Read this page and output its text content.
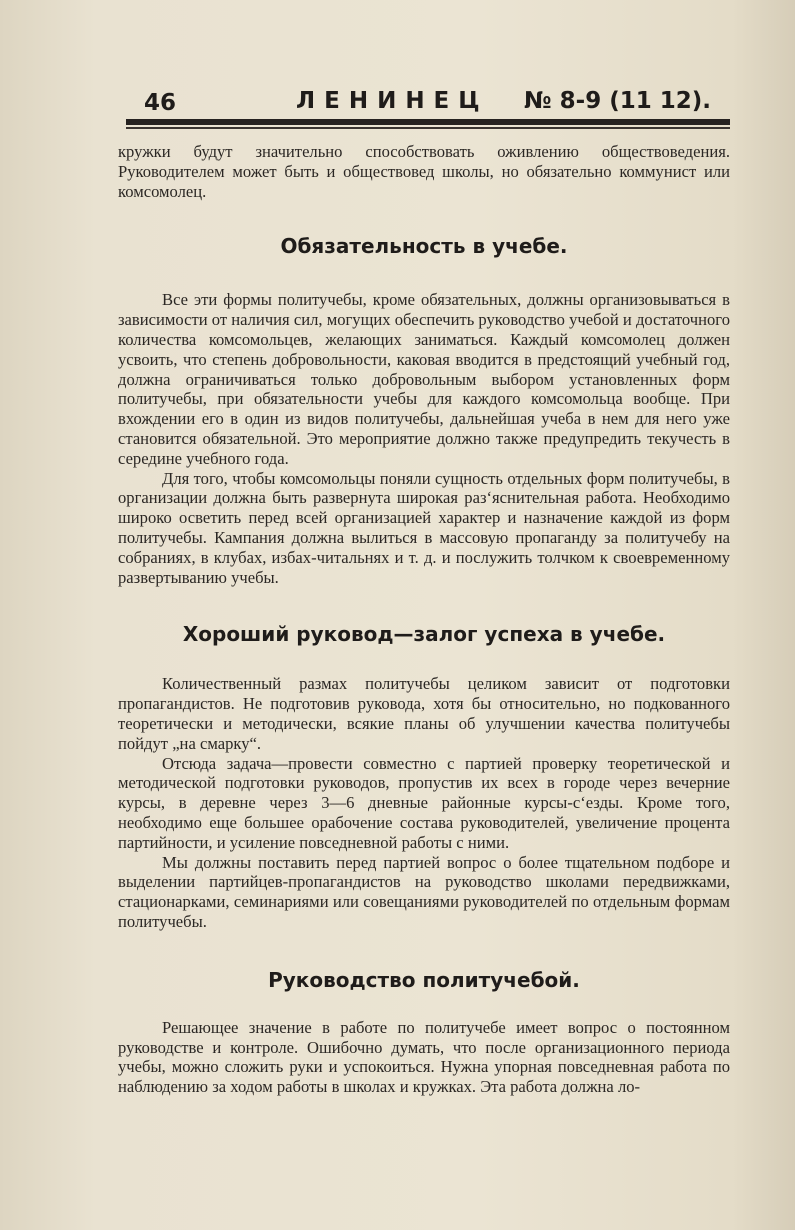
46	ЛЕНИНЕЦ № 8-9 (11 12).

кружки будут значительно способствовать оживлению обществоведения. Руководителем может быть и обществовед школы, но обязательно коммунист или комсомолец.

Обязательность в учебе.

Все эти формы политучебы, кроме обязательных, должны организовываться в зависимости от наличия сил, могущих обеспечить руководство учебой и достаточного количества комсомольцев, желающих заниматься. Каждый комсомолец должен усвоить, что степень добровольности, каковая вводится в предстоящий учебный год, должна ограничиваться только добровольным выбором установленных форм политучебы, при обязательности учебы для каждого комсомольца вообще. При вхождении его в один из видов политучебы, дальнейшая учеба в нем для него уже становится обязательной. Это мероприятие должно также предупредить текучесть в середине учебного года.

Для того, чтобы комсомольцы поняли сущность отдельных форм политучебы, в организации должна быть развернута широкая раз‘яснительная работа. Необходимо широко осветить перед всей организацией характер и назначение каждой из форм политучебы. Кампания должна вылиться в массовую пропаганду за политучебу на собраниях, в клубах, избах-читальнях и т. д. и послужить толчком к своевременному развертыванию учебы.

Хороший руковод—залог успеха в учебе.

Количественный размах политучебы целиком зависит от подготовки пропагандистов. Не подготовив руковода, хотя бы относительно, но подкованного теоретически и методически, всякие планы об улучшении качества политучебы пойдут „на смарку“.

Отсюда задача—провести совместно с партией проверку теоретической и методической подготовки руководов, пропустив их всех в городе через вечерние курсы, в деревне через 3—6 дневные районные курсы-с‘езды. Кроме того, необходимо еще большее орабочение состава руководителей, увеличение процента партийности, и усиление повседневной работы с ними.

Мы должны поставить перед партией вопрос о более тщательном подборе и выделении партийцев-пропагандистов на руководство школами передвижками, стационарками, семинариями или совещаниями руководителей по отдельным формам политучебы.

Руководство политучебой.

Решающее значение в работе по политучебе имеет вопрос о постоянном руководстве и контроле. Ошибочно думать, что после организационного периода учебы, можно сложить руки и успокоиться. Нужна упорная повседневная работа по наблюдению за ходом работы в школах и кружках. Эта работа должна ло-
